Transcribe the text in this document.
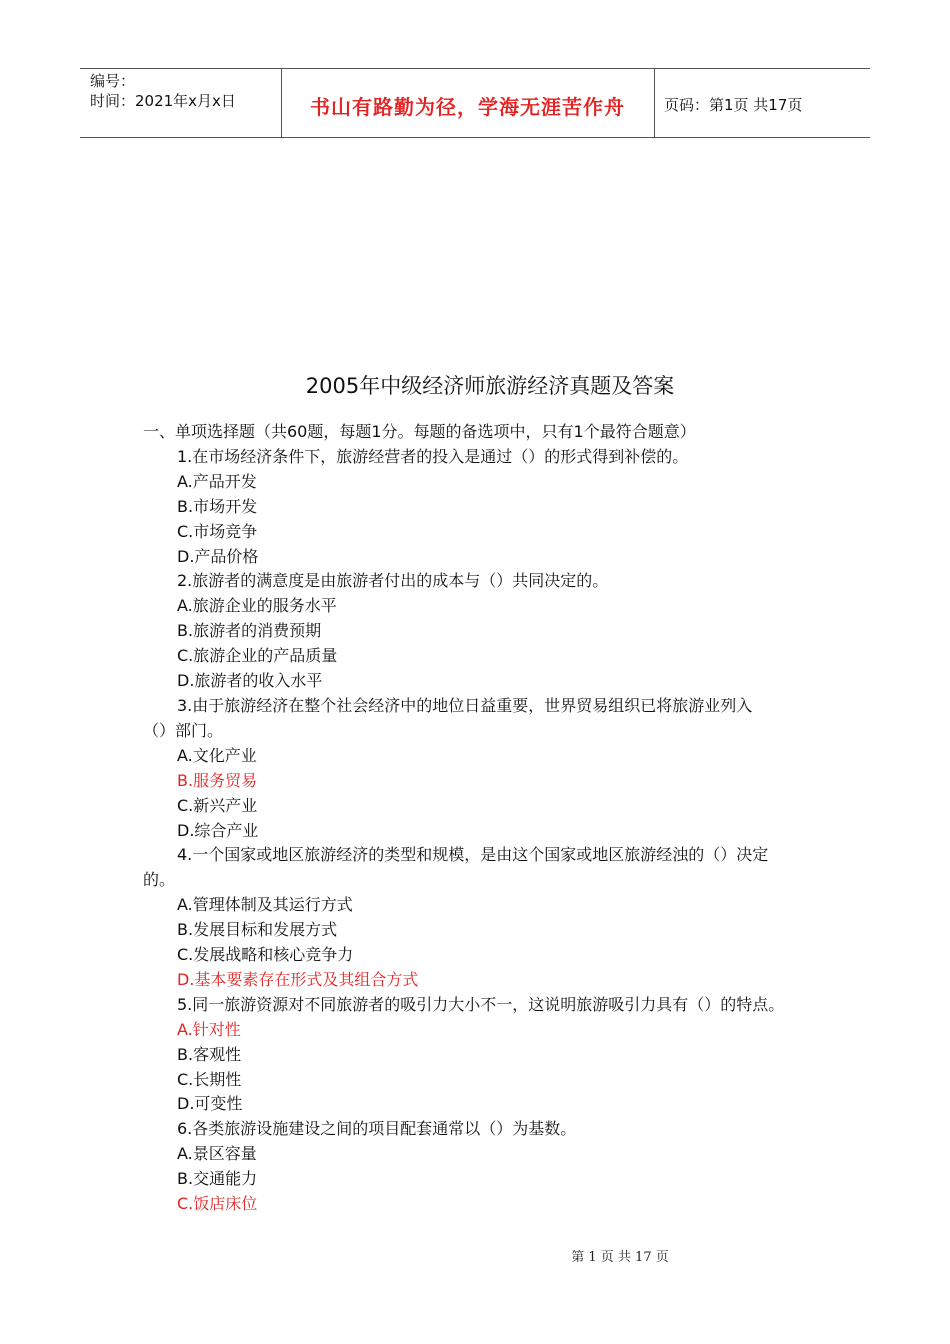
编号：
时间：2021年x月x日	书山有路勤为径，学海无涯苦作舟	页码：第1页 共17页
2005年中级经济师旅游经济真题及答案
一、单项选择题（共60题，每题1分。每题的备选项中，只有1个最符合题意）
1.在市场经济条件下，旅游经营者的投入是通过（）的形式得到补偿的。
A.产品开发
B.市场开发
C.市场竞争
D.产品价格
2.旅游者的满意度是由旅游者付出的成本与（）共同决定的。
A.旅游企业的服务水平
B.旅游者的消费预期
C.旅游企业的产品质量
D.旅游者的收入水平
3.由于旅游经济在整个社会经济中的地位日益重要，世界贸易组织已将旅游业列入
（）部门。
A.文化产业
B.服务贸易
C.新兴产业
D.综合产业
4.一个国家或地区旅游经济的类型和规模，是由这个国家或地区旅游经浊的（）决定
的。
A.管理体制及其运行方式
B.发展目标和发展方式
C.发展战略和核心竞争力
D.基本要素存在形式及其组合方式
5.同一旅游资源对不同旅游者的吸引力大小不一，这说明旅游吸引力具有（）的特点。
A.针对性
B.客观性
C.长期性
D.可变性
6.各类旅游设施建设之间的项目配套通常以（）为基数。
A.景区容量
B.交通能力
C.饭店床位
第 1 页 共 17 页
